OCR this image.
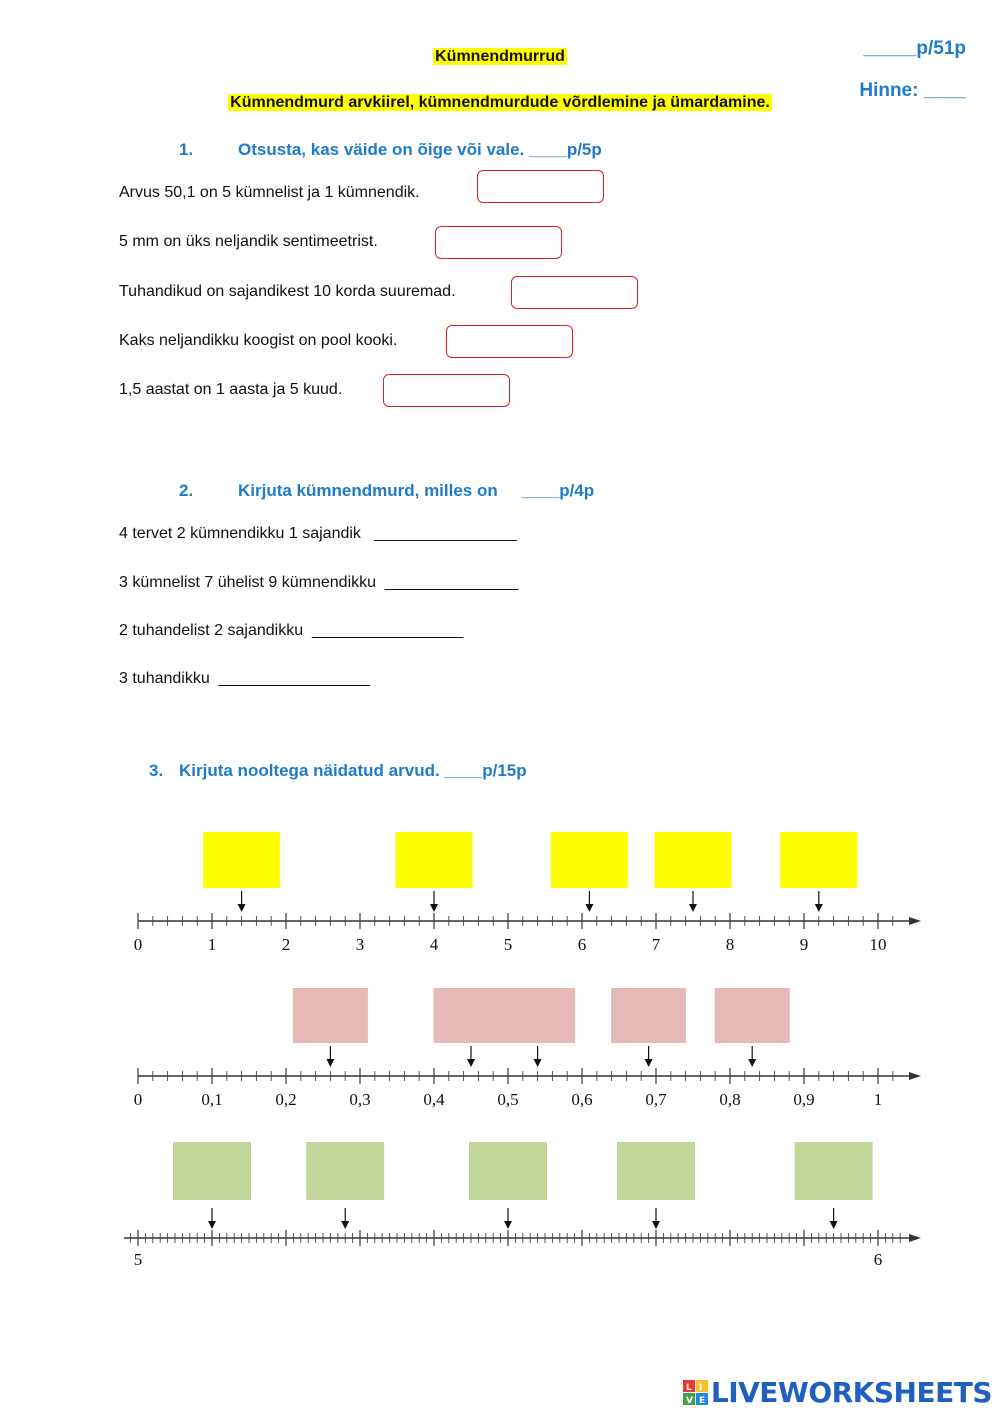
Kümnendmurrud
Kümnendmurd arvkiirel, kümnendmurdude võrdlemine ja ümardamine.
_____p/51p
Hinne: ____
1.	Otsusta, kas väide on õige või vale. ____p/5p
Arvus 50,1 on 5 kümnelist ja 1 kümnendik.
5 mm on üks neljandik sentimeetrist.
Tuhandikud on sajandikest 10 korda suuremad.
Kaks neljandikku koogist on pool kooki.
1,5 aastat on 1 aasta ja 5 kuud.
2.	Kirjuta kümnendmurd, milles on     ____p/4p
4 tervet 2 kümnendikku 1 sajandik   ________________
3 kümnelist 7 ühelist 9 kümnendikku  _______________
2 tuhandelist 2 sajandikku  _________________
3 tuhandikku  _________________
3. Kirjuta nooltega näidatud arvud. ____p/15p
0	1	2	3	4	5	6	7	8	9	10
0	0,1	0,2	0,3	0,4	0,5	0,6	0,7	0,8	0,9	1
5	6
L I
V E LIVEWORKSHEETS
